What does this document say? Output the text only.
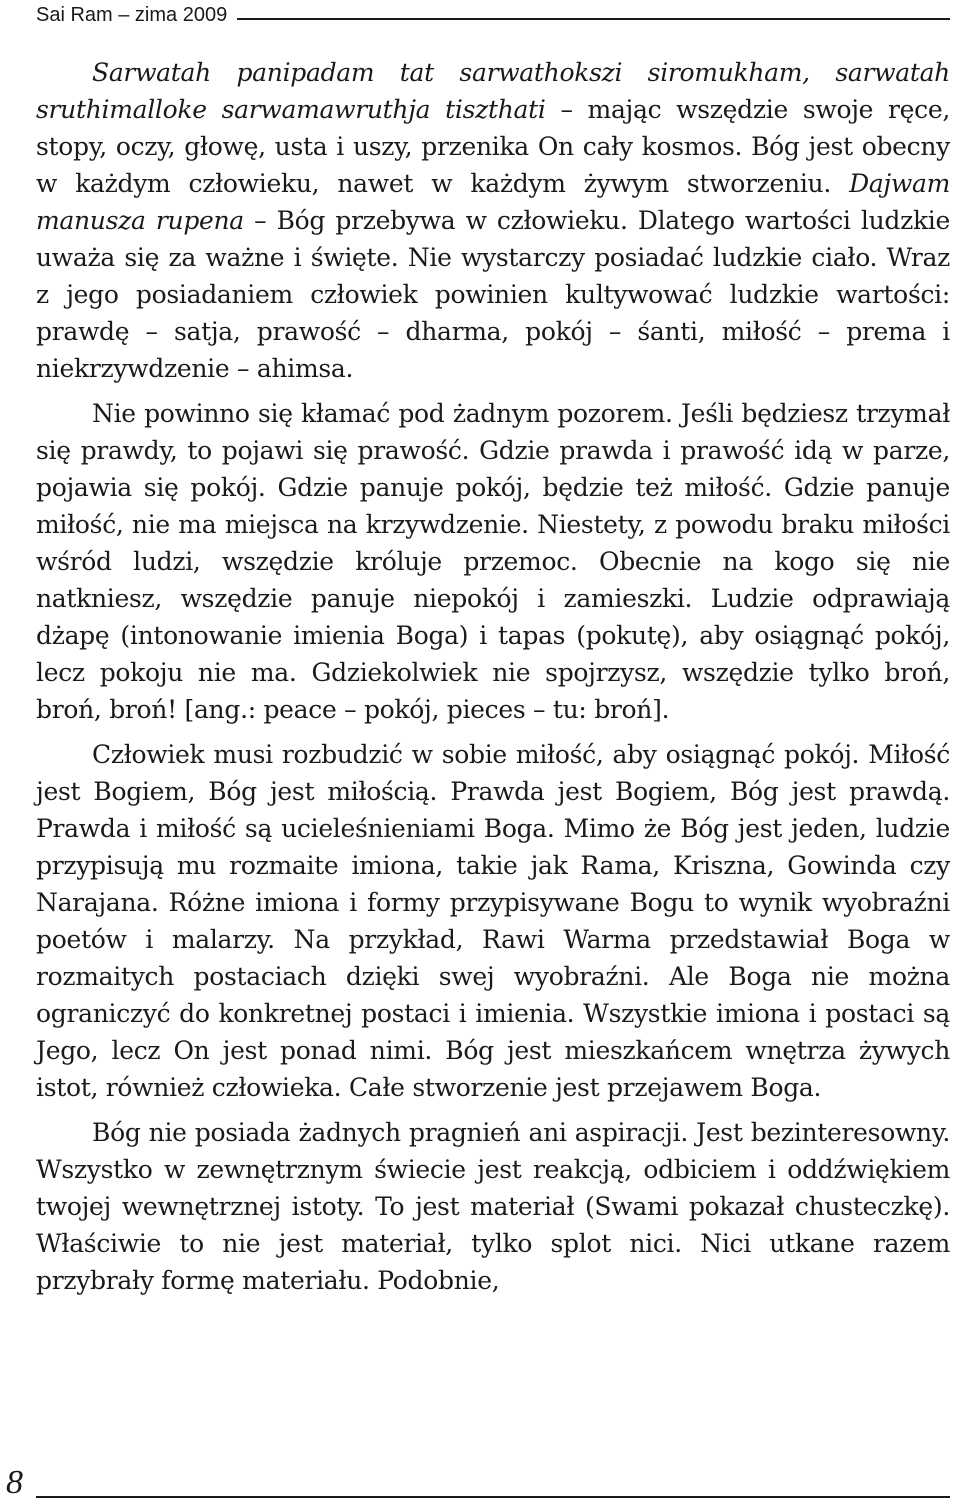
Sai Ram – zima 2009

Sarwatah panipadam tat sarwathokszi siromukham, sarwatah sruthimalloke sarwamawruthja tiszthati – mając wszędzie swoje ręce, stopy, oczy, głowę, usta i uszy, przenika On cały kosmos. Bóg jest obecny w każdym człowieku, nawet w każdym żywym stworzeniu. Dajwam manusza rupena – Bóg przebywa w człowieku. Dlatego wartości ludzkie uważa się za ważne i święte. Nie wystarczy posiadać ludzkie ciało. Wraz z jego posiadaniem człowiek powinien kultywować ludzkie wartości: prawdę – satja, prawość – dharma, pokój – śanti, miłość – prema i niekrzywdzenie – ahimsa.

Nie powinno się kłamać pod żadnym pozorem. Jeśli będziesz trzymał się prawdy, to pojawi się prawość. Gdzie prawda i prawość idą w parze, pojawia się pokój. Gdzie panuje pokój, będzie też miłość. Gdzie panuje miłość, nie ma miejsca na krzywdzenie. Niestety, z powodu braku miłości wśród ludzi, wszędzie króluje przemoc. Obecnie na kogo się nie natkniesz, wszędzie panuje niepokój i zamieszki. Ludzie odprawiają dżapę (intonowanie imienia Boga) i tapas (pokutę), aby osiągnąć pokój, lecz pokoju nie ma. Gdziekolwiek nie spojrzysz, wszędzie tylko broń, broń, broń! [ang.: peace – pokój, pieces – tu: broń].

Człowiek musi rozbudzić w sobie miłość, aby osiągnąć pokój. Miłość jest Bogiem, Bóg jest miłością. Prawda jest Bogiem, Bóg jest prawdą. Prawda i miłość są ucieleśnieniami Boga. Mimo że Bóg jest jeden, ludzie przypisują mu rozmaite imiona, takie jak Rama, Kriszna, Gowinda czy Narajana. Różne imiona i formy przypisywane Bogu to wynik wyobraźni poetów i malarzy. Na przykład, Rawi Warma przedstawiał Boga w rozmaitych postaciach dzięki swej wyobraźni. Ale Boga nie można ograniczyć do konkretnej postaci i imienia. Wszystkie imiona i postaci są Jego, lecz On jest ponad nimi. Bóg jest mieszkańcem wnętrza żywych istot, również człowieka. Całe stworzenie jest przejawem Boga.

Bóg nie posiada żadnych pragnień ani aspiracji. Jest bezinteresowny. Wszystko w zewnętrznym świecie jest reakcją, odbiciem i oddźwiękiem twojej wewnętrznej istoty. To jest materiał (Swami pokazał chusteczkę). Właściwie to nie jest materiał, tylko splot nici. Nici utkane razem przybrały formę materiału. Podobnie,

8
